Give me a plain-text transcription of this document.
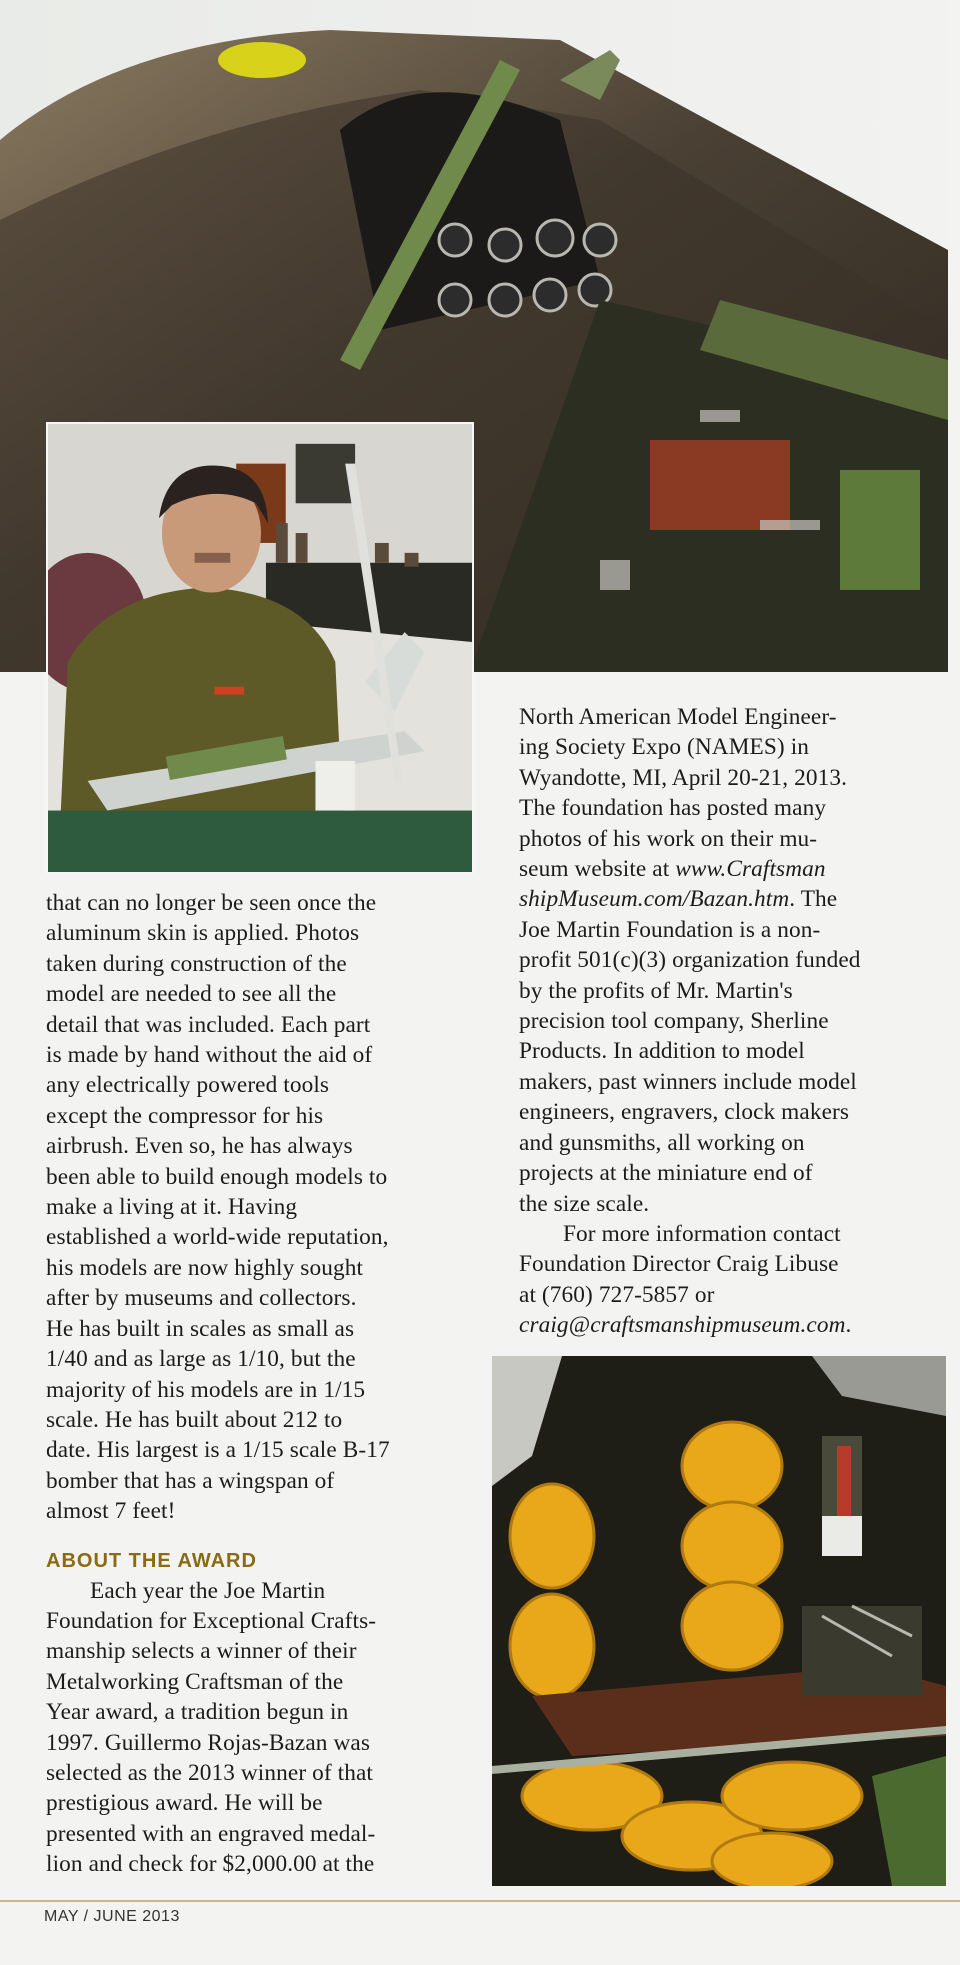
that can no longer be seen once the
aluminum skin is applied. Photos
taken during construction of the
model are needed to see all the
detail that was included. Each part
is made by hand without the aid of
any electrically powered tools
except the compressor for his
airbrush. Even so, he has always
been able to build enough models to
make a living at it. Having
established a world-wide reputation,
his models are now highly sought
after by museums and collectors.
He has built in scales as small as
1/40 and as large as 1/10, but the
majority of his models are in 1/15
scale. He has built about 212 to
date. His largest is a 1/15 scale B-17
bomber that has a wingspan of
almost 7 feet!

ABOUT THE AWARD

Each year the Joe Martin
Foundation for Exceptional Crafts-
manship selects a winner of their
Metalworking Craftsman of the
Year award, a tradition begun in
1997. Guillermo Rojas-Bazan was
selected as the 2013 winner of that
prestigious award. He will be
presented with an engraved medal-
lion and check for $2,000.00 at the

North American Model Engineer-
ing Society Expo (NAMES) in
Wyandotte, MI, April 20-21, 2013.
The foundation has posted many
photos of his work on their mu-
seum website at www.Craftsman
shipMuseum.com/Bazan.htm. The
Joe Martin Foundation is a non-
profit 501(c)(3) organization funded
by the profits of Mr. Martin's
precision tool company, Sherline
Products. In addition to model
makers, past winners include model
engineers, engravers, clock makers
and gunsmiths, all working on
projects at the miniature end of
the size scale.

For more information contact
Foundation Director Craig Libuse
at (760) 727-5857 or
craig@craftsmanshipmuseum.com.

MAY / JUNE 2013
